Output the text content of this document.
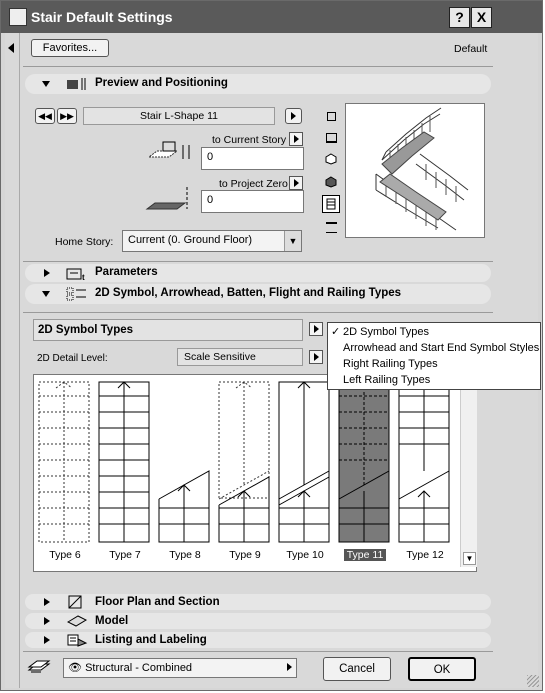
Stair Default Settings	? X
Favorites...	Default
Preview and Positioning
◀◀ ▶▶	Stair L-Shape 11
to Current Story
0
to Project Zero
0
Home Story:	Current (0. Ground Floor)	▼
t Parameters
2D Symbol, Arrowhead, Batten, Flight and Railing Types
2D Symbol Types
2D Detail Level:	Scale Sensitive
Type 6	Type 7	Type 8	Type 9	Type 10	Type 11	Type 12	▼
✓ 2D Symbol Types
Arrowhead and Start End Symbol Styles
Right Railing Types
Left Railing Types
Floor Plan and Section
Model
Listing and Labeling
👁 Structural - Combined	Cancel	OK
